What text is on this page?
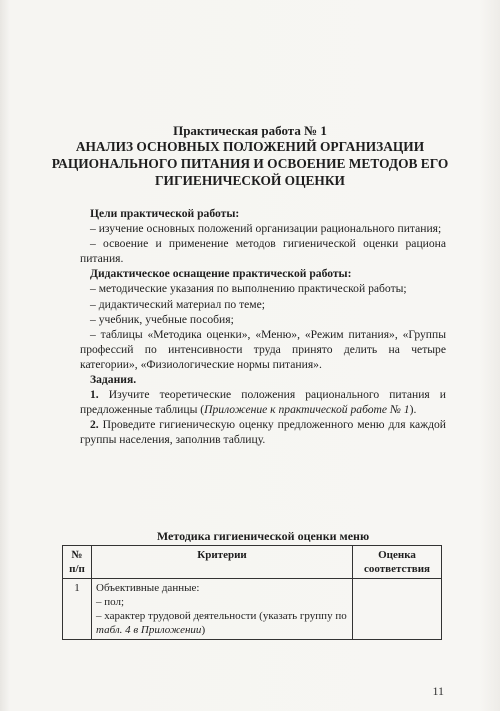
Практическая работа № 1
АНАЛИЗ ОСНОВНЫХ ПОЛОЖЕНИЙ ОРГАНИЗАЦИИ РАЦИОНАЛЬНОГО ПИТАНИЯ И ОСВОЕНИЕ МЕТОДОВ ЕГО ГИГИЕНИЧЕСКОЙ ОЦЕНКИ

Цели практической работы:

– изучение основных положений организации рационального питания;

– освоение и применение методов гигиенической оценки рациона питания.

Дидактическое оснащение практической работы:

– методические указания по выполнению практической работы;

– дидактический материал по теме;

– учебник, учебные пособия;

– таблицы «Методика оценки», «Меню», «Режим питания», «Группы профессий по интенсивности труда принято делить на четыре категории», «Физиологические нормы питания».

Задания.

1. Изучите теоретические положения рационального питания и предложенные таблицы (Приложение к практической работе № 1).

2. Проведите гигиеническую оценку предложенного меню для каждой группы населения, заполнив таблицу.

Методика гигиенической оценки меню
№ п/п	Критерии	Оценка соответствия
1	Объективные данные:
– пол;
– характер трудовой деятельности (указать группу по табл. 4 в Приложении)	

11
